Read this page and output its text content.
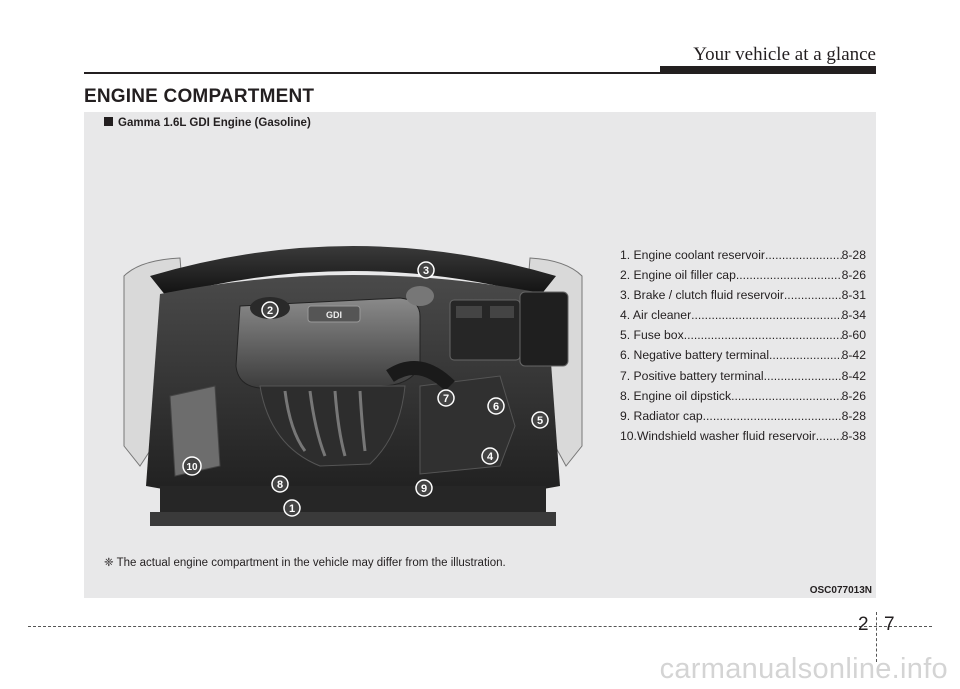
Your vehicle at a glance
ENGINE COMPARTMENT
Gamma 1.6L GDI Engine (Gasoline)
GDI
1
2
3
4
5
6
7
8	9
10
1. Engine coolant reservoir .....	8-28
2. Engine oil filler cap .....	8-26
3. Brake / clutch fluid reservoir .....	8-31
4. Air cleaner .....	8-34
5. Fuse box .....	8-60
6. Negative battery terminal .....	8-42
7. Positive battery terminal .....	8-42
8. Engine oil dipstick .....	8-26
9. Radiator cap .....	8-28
10.Windshield washer fluid reservoir ..... 8-38
❈ The actual engine compartment in the vehicle may differ from the illustration.
OSC077013N
2 7
carmanualsonline.info
